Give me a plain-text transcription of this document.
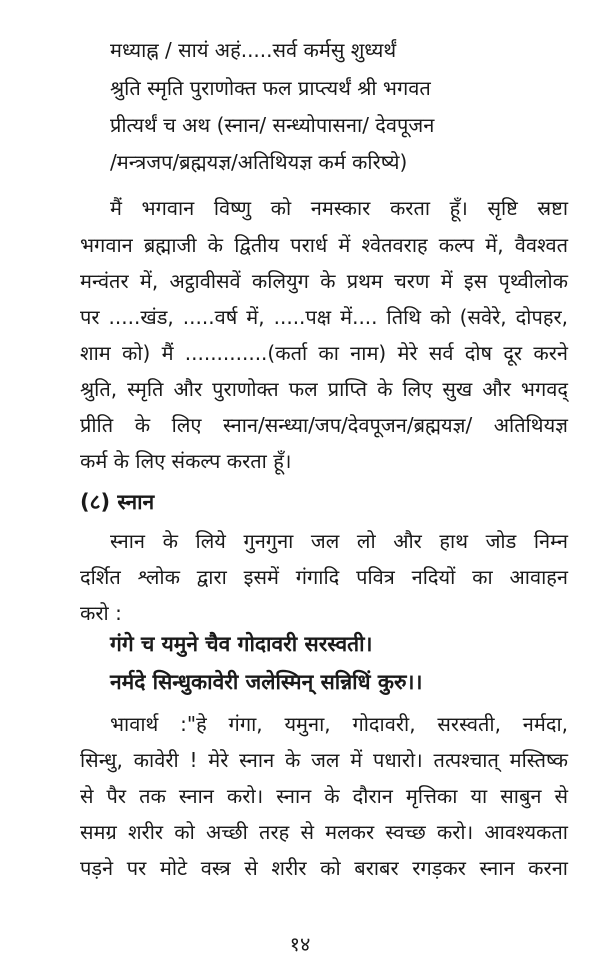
मध्याह्न / सायं अहं.....सर्व कर्मसु शुध्यर्थं
श्रुति स्मृति पुराणोक्त फल प्राप्त्यर्थं श्री भगवत
प्रीत्यर्थं च अथ (स्नान/ सन्ध्योपासना/ देवपूजन
/मन्त्रजप/ब्रह्मयज्ञ/अतिथियज्ञ कर्म करिष्ये)
मैं भगवान विष्णु को नमस्कार करता हूँ। सृष्टि स्रष्टा
भगवान ब्रह्माजी के द्वितीय परार्ध में श्वेतवराह कल्प में, वैवश्वत
मन्वंतर में, अट्ठावीसवें कलियुग के प्रथम चरण में इस पृथ्वीलोक
पर .....खंड, .....वर्ष में, .....पक्ष में.... तिथि को (सवेरे, दोपहर,
शाम को) मैं .............(कर्ता का नाम) मेरे सर्व दोष दूर करने
श्रुति, स्मृति और पुराणोक्त फल प्राप्ति के लिए सुख और भगवद्
प्रीति के लिए स्नान/सन्ध्या/जप/देवपूजन/ब्रह्मयज्ञ/ अतिथियज्ञ
कर्म के लिए संकल्प करता हूँ।
(८) स्नान
स्नान के लिये गुनगुना जल लो और हाथ जोड निम्न
दर्शित श्लोक द्वारा इसमें गंगादि पवित्र नदियों का आवाहन
करो :
गंगे च यमुने चैव गोदावरी सरस्वती।
नर्मदे सिन्धुकावेरी जलेस्मिन् सन्निधिं कुरु।।
भावार्थ :"हे गंगा, यमुना, गोदावरी, सरस्वती, नर्मदा,
सिन्धु, कावेरी ! मेरे स्नान के जल में पधारो। तत्पश्चात् मस्तिष्क
से पैर तक स्नान करो। स्नान के दौरान मृत्तिका या साबुन से
समग्र शरीर को अच्छी तरह से मलकर स्वच्छ करो। आवश्यकता
पड़ने पर मोटे वस्त्र से शरीर को बराबर रगड़कर स्नान करना
१४
